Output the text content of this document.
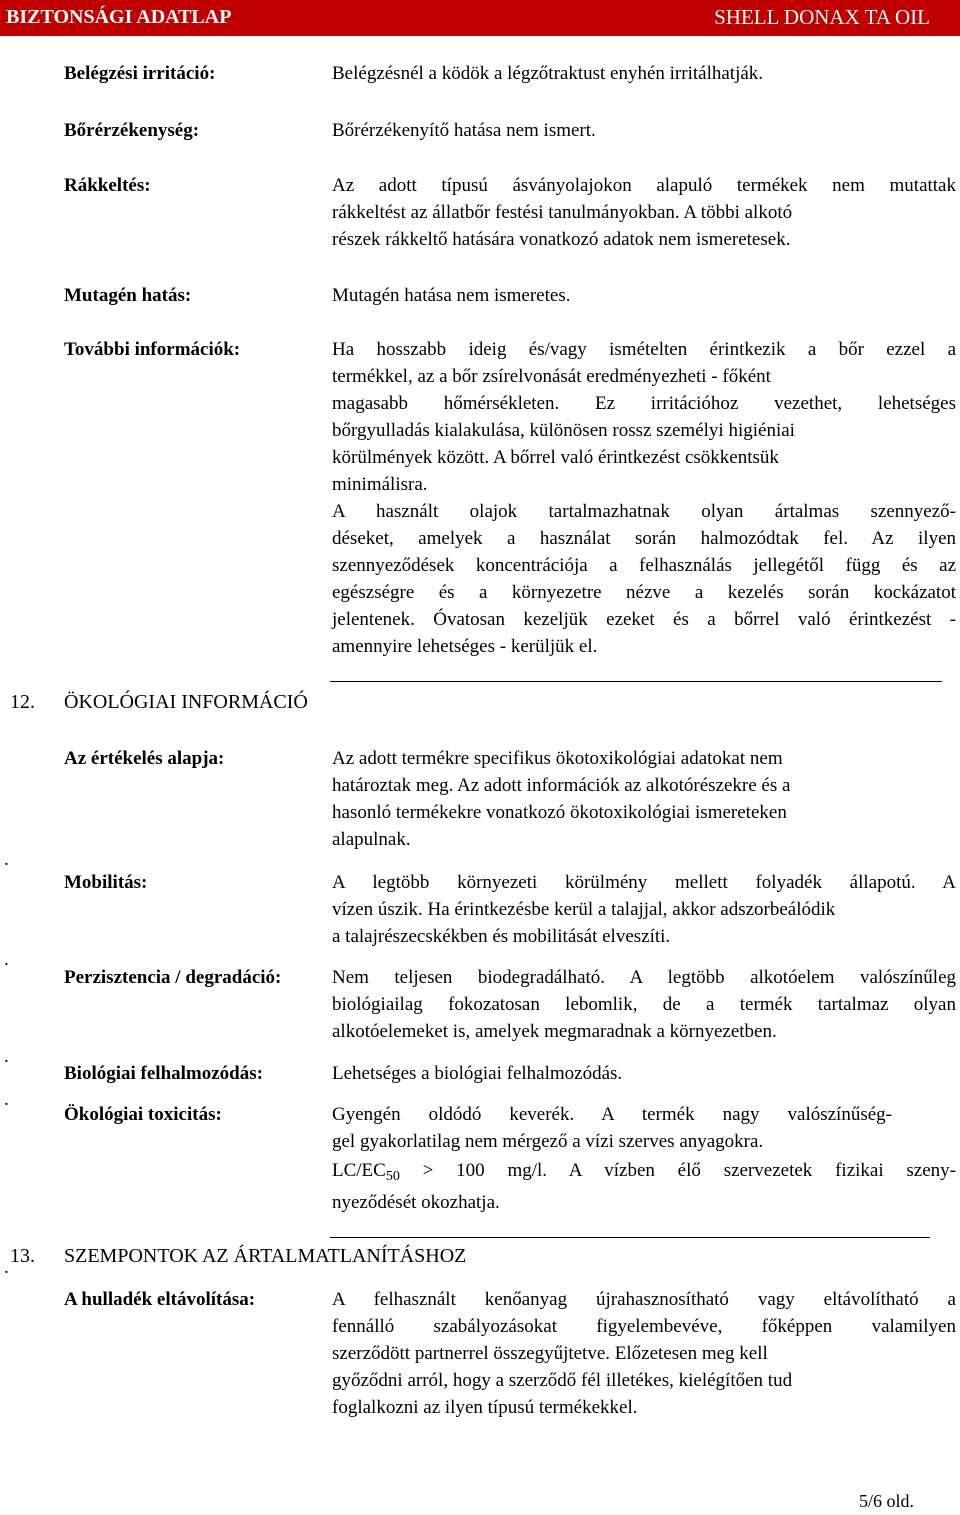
BIZTONSÁGI ADATLAP	SHELL DONAX TA OIL
Belégzési irritáció:	Belégzésnél a ködök a légzőtraktust enyhén irritálhatják.
Bőrérzékenység:	Bőrérzékenyítő hatása nem ismert.
Rákkeltés:	Az adott típusú ásványolajokon alapuló termékek nem mutattak
rákkeltést az állatbőr festési tanulmányokban. A többi alkotó
részek rákkeltő hatására vonatkozó adatok nem ismeretesek.
Mutagén hatás:	Mutagén hatása nem ismeretes.
További információk:	Ha hosszabb ideig és/vagy ismételten érintkezik a bőr ezzel a
termékkel, az a bőr zsírelvonását eredményezheti - főként
magasabb hőmérsékleten. Ez irritációhoz vezethet, lehetséges
bőrgyulladás kialakulása, különösen rossz személyi higiéniai
körülmények között. A bőrrel való érintkezést csökkentsük
minimálisra.
A használt olajok tartalmazhatnak olyan ártalmas szennyező-
déseket, amelyek a használat során halmozódtak fel. Az ilyen
szennyeződések koncentrációja a felhasználás jellegétől függ és az
egészségre és a környezetre nézve a kezelés során kockázatot
jelentenek. Óvatosan kezeljük ezeket és a bőrrel való érintkezést -
amennyire lehetséges - kerüljük el.
12. ÖKOLÓGIAI INFORMÁCIÓ
Az értékelés alapja:	Az adott termékre specifikus ökotoxikológiai adatokat nem
határoztak meg. Az adott információk az alkotórészekre és a
hasonló termékekre vonatkozó ökotoxikológiai ismereteken
alapulnak.
Mobilitás:	A legtöbb környezeti körülmény mellett folyadék állapotú. A
vízen úszik. Ha érintkezésbe kerül a talajjal, akkor adszorbeálódik
a talajrészecskékben és mobilitását elveszíti.
Perzisztencia / degradáció:	Nem teljesen biodegradálható. A legtöbb alkotóelem valószínűleg
biológiailag fokozatosan lebomlik, de a termék tartalmaz olyan
alkotóelemeket is, amelyek megmaradnak a környezetben.
Biológiai felhalmozódás:	Lehetséges a biológiai felhalmozódás.
Ökológiai toxicitás:	Gyengén oldódó keverék. A termék nagy valószínűség-
gel gyakorlatilag nem mérgező a vízi szerves anyagokra.
$LC/EC_{50} > 100$ mg/l. A vízben élő szervezetek fizikai szeny-
nyeződését okozhatja.
13. SZEMPONTOK AZ ÁRTALMATLANÍTÁSHOZ
A hulladék eltávolítása:	A felhasznált kenőanyag újrahasznosítható vagy eltávolítható a
fennálló szabályozásokat figyelembevéve, főképpen valamilyen
szerződött partnerrel összegyűjtetve. Előzetesen meg kell
győződni arról, hogy a szerződő fél illetékes, kielégítően tud
foglalkozni az ilyen típusú termékekkel.
.
.
.
.
.
5/6 old.
